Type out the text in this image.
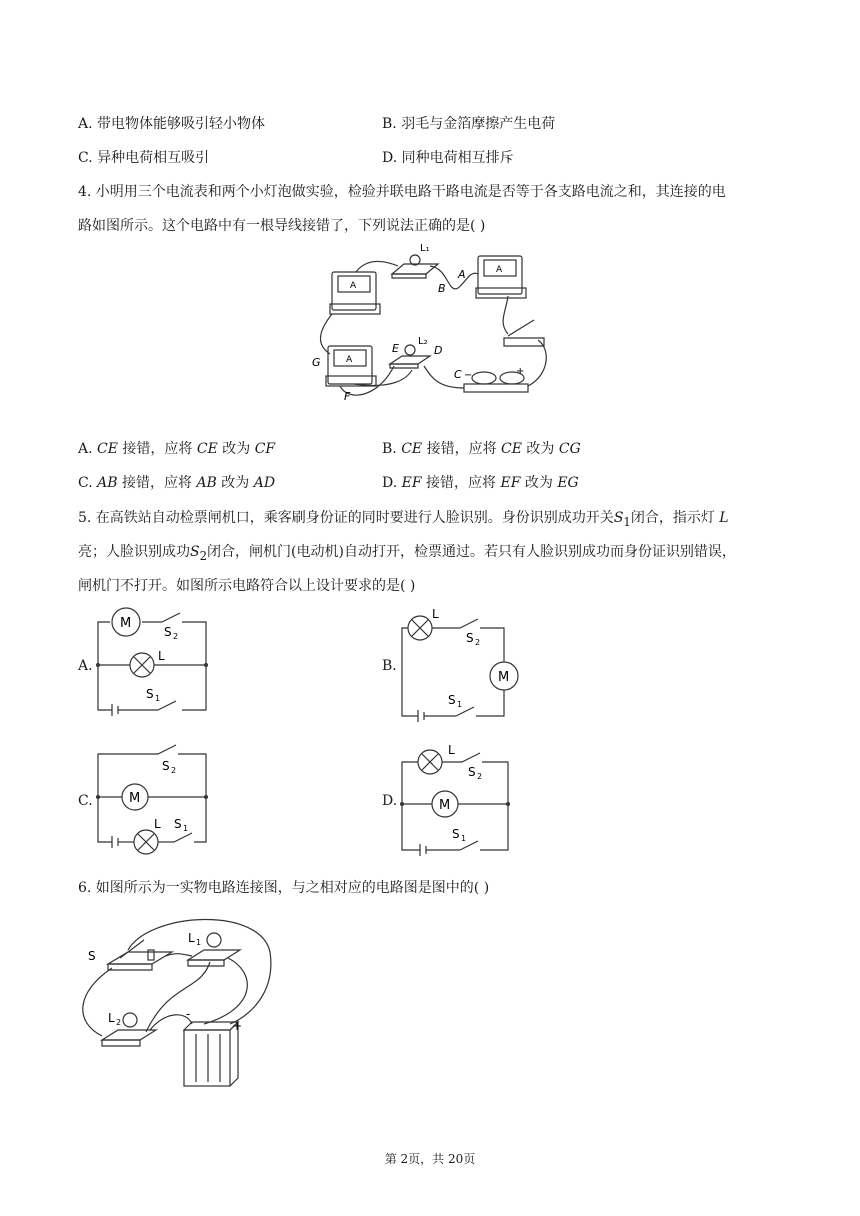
A. 带电物体能够吸引轻小物体	B. 羽毛与金箔摩擦产生电荷
C. 异种电荷相互吸引	D. 同种电荷相互排斥
4. 小明用三个电流表和两个小灯泡做实验，检验并联电路干路电流是否等于各支路电流之和，其连接的电
路如图所示。这个电路中有一根导线接错了，下列说法正确的是( )
L₁
A
B
E
L₂
D
G
F
C −	+
A
A
A
A. CE 接错，应将 CE 改为 CF	B. CE 接错，应将 CE 改为 CG
C. AB 接错，应将 AB 改为 AD	D. EF 接错，应将 EF 改为 EG
5. 在高铁站自动检票闸机口，乘客刷身份证的同时要进行人脸识别。身份识别成功开关$S_1$闭合，指示灯 L
亮；人脸识别成功$S_2$闭合，闸机门(电动机)自动打开，检票通过。若只有人脸识别成功而身份证识别错误，
闸机门不打开。如图所示电路符合以上设计要求的是( )
A.
M
S 2
L
S 1
B.
L
S 2
M
S 1
C.
S 2
M
L S 1
D.
L
S 2
M
S 1
6. 如图所示为一实物电路连接图，与之相对应的电路图是图中的( )
S
L 1
L 2
-
+
第 2页，共 20页
